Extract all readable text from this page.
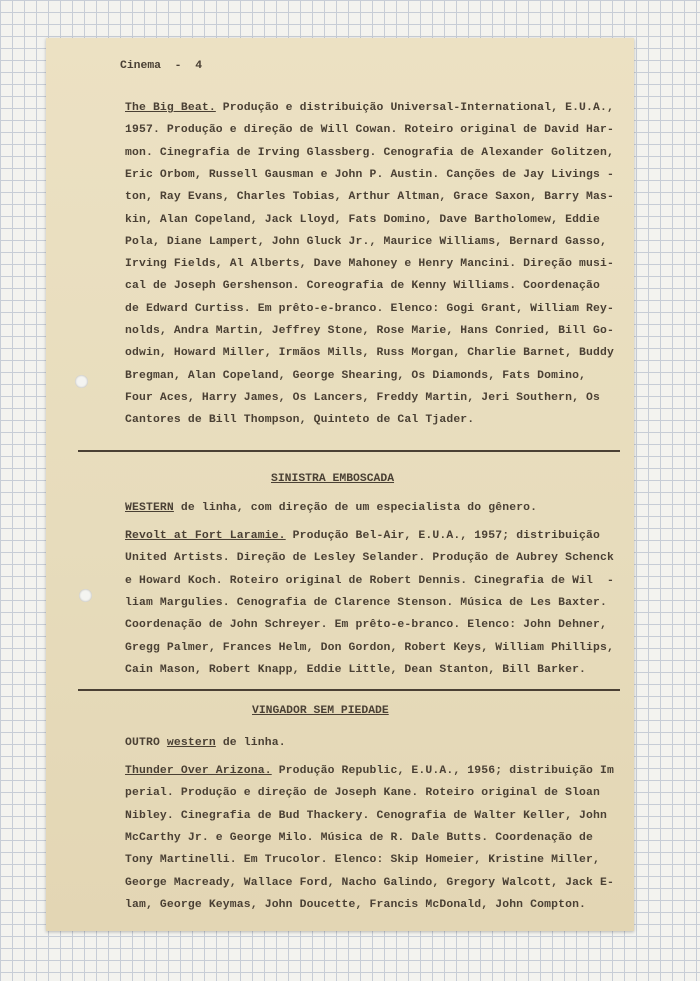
Cinema  -  4
The Big Beat. Produção e distribuição Universal-International, E.U.A.,
1957. Produção e direção de Will Cowan. Roteiro original de David Har-
mon. Cinegrafia de Irving Glassberg. Cenografia de Alexander Golitzen,
Eric Orbom, Russell Gausman e John P. Austin. Canções de Jay Livings -
ton, Ray Evans, Charles Tobias, Arthur Altman, Grace Saxon, Barry Mas-
kin, Alan Copeland, Jack Lloyd, Fats Domino, Dave Bartholomew, Eddie
Pola, Diane Lampert, John Gluck Jr., Maurice Williams, Bernard Gasso,
Irving Fields, Al Alberts, Dave Mahoney e Henry Mancini. Direção musi-
cal de Joseph Gershenson. Coreografia de Kenny Williams. Coordenação
de Edward Curtiss. Em prêto-e-branco. Elenco: Gogi Grant, William Rey-
nolds, Andra Martin, Jeffrey Stone, Rose Marie, Hans Conried, Bill Go-
odwin, Howard Miller, Irmãos Mills, Russ Morgan, Charlie Barnet, Buddy
Bregman, Alan Copeland, George Shearing, Os Diamonds, Fats Domino,
Four Aces, Harry James, Os Lancers, Freddy Martin, Jeri Southern, Os
Cantores de Bill Thompson, Quinteto de Cal Tjader.
SINISTRA EMBOSCADA
WESTERN de linha, com direção de um especialista do gênero.
Revolt at Fort Laramie. Produção Bel-Air, E.U.A., 1957; distribuição
United Artists. Direção de Lesley Selander. Produção de Aubrey Schenck
e Howard Koch. Roteiro original de Robert Dennis. Cinegrafia de Wil  -
liam Margulies. Cenografia de Clarence Stenson. Música de Les Baxter.
Coordenação de John Schreyer. Em prêto-e-branco. Elenco: John Dehner,
Gregg Palmer, Frances Helm, Don Gordon, Robert Keys, William Phillips,
Cain Mason, Robert Knapp, Eddie Little, Dean Stanton, Bill Barker.
VINGADOR SEM PIEDADE
OUTRO western de linha.
Thunder Over Arizona. Produção Republic, E.U.A., 1956; distribuição Im
perial. Produção e direção de Joseph Kane. Roteiro original de Sloan
Nibley. Cinegrafia de Bud Thackery. Cenografia de Walter Keller, John
McCarthy Jr. e George Milo. Música de R. Dale Butts. Coordenação de
Tony Martinelli. Em Trucolor. Elenco: Skip Homeier, Kristine Miller,
George Macready, Wallace Ford, Nacho Galindo, Gregory Walcott, Jack E-
lam, George Keymas, John Doucette, Francis McDonald, John Compton.
